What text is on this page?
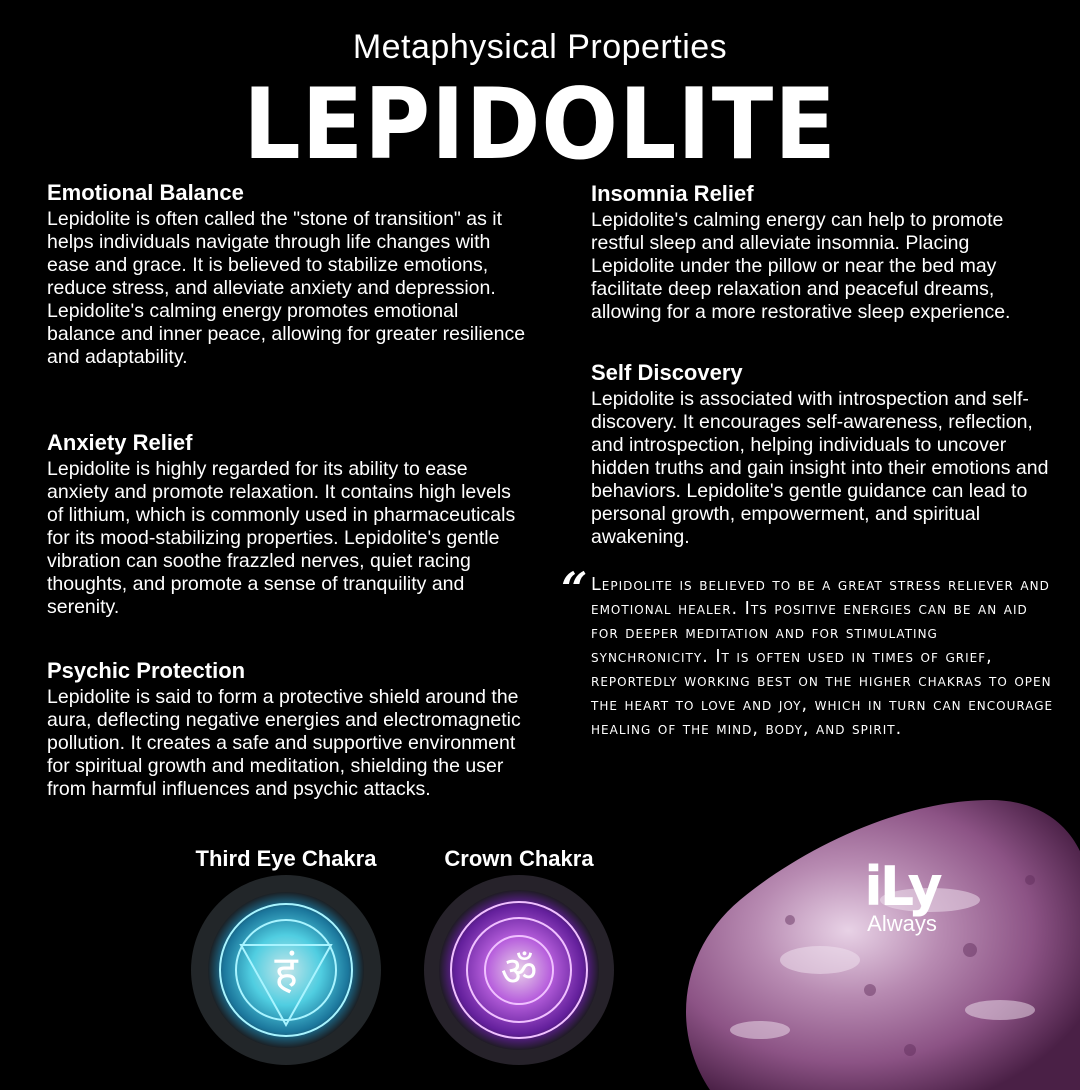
Metaphysical Properties
LEPIDOLITE
Emotional Balance

Lepidolite is often called the "stone of transition" as it helps individuals navigate through life changes with ease and grace. It is believed to stabilize emotions, reduce stress, and alleviate anxiety and depression. Lepidolite's calming energy promotes emotional balance and inner peace, allowing for greater resilience and adaptability.

Anxiety Relief

Lepidolite is highly regarded for its ability to ease anxiety and promote relaxation. It contains high levels of lithium, which is commonly used in pharmaceuticals for its mood-stabilizing properties. Lepidolite's gentle vibration can soothe frazzled nerves, quiet racing thoughts, and promote a sense of tranquility and serenity.

Psychic Protection

Lepidolite is said to form a protective shield around the aura, deflecting negative energies and electromagnetic pollution. It creates a safe and supportive environment for spiritual growth and meditation, shielding the user from harmful influences and psychic attacks.

Insomnia Relief

Lepidolite's calming energy can help to promote restful sleep and alleviate insomnia. Placing Lepidolite under the pillow or near the bed may facilitate deep relaxation and peaceful dreams, allowing for a more restorative sleep experience.

Self Discovery

Lepidolite is associated with introspection and self-discovery. It encourages self-awareness, reflection, and introspection, helping individuals to uncover hidden truths and gain insight into their emotions and behaviors. Lepidolite's gentle guidance can lead to personal growth, empowerment, and spiritual awakening.

“ Lepidolite is believed to be a great stress reliever and emotional healer. Its positive energies can be an aid for deeper meditation and for stimulating synchronicity. It is often used in times of grief, reportedly working best on the higher chakras to open the heart to love and joy, which in turn can encourage healing of the mind, body, and spirit.
Third Eye Chakra	Crown Chakra
हं	ॐ
iLy
Always
